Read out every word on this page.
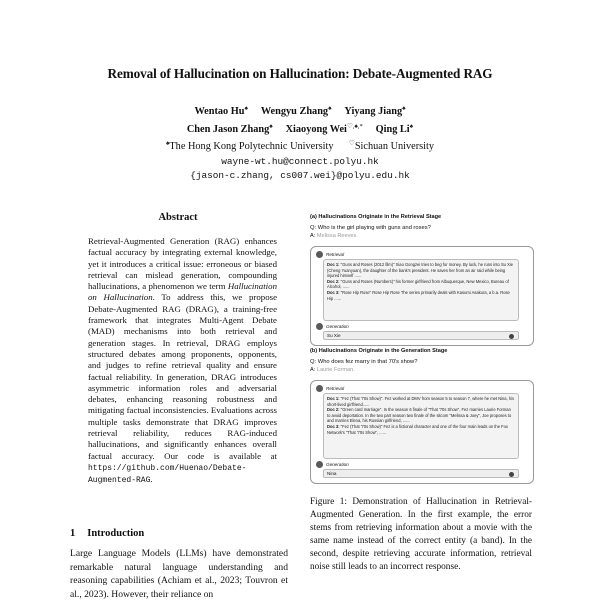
Removal of Hallucination on Hallucination: Debate-Augmented RAG
Wentao Hu♠ Wengyu Zhang♠ Yiyang Jiang♠
Chen Jason Zhang♠ Xiaoyong Wei♡,♠,* Qing Li♠
♠The Hong Kong Polytechnic University ♡Sichuan University
wayne-wt.hu@connect.polyu.hk
{jason-c.zhang, cs007.wei}@polyu.edu.hk
Abstract
Retrieval-Augmented Generation (RAG) enhances factual accuracy by integrating external knowledge, yet it introduces a critical issue: erroneous or biased retrieval can mislead generation, compounding hallucinations, a phenomenon we term Hallucination on Hallucination. To address this, we propose Debate-Augmented RAG (DRAG), a training-free framework that integrates Multi-Agent Debate (MAD) mechanisms into both retrieval and generation stages. In retrieval, DRAG employs structured debates among proponents, opponents, and judges to refine retrieval quality and ensure factual reliability. In generation, DRAG introduces asymmetric information roles and adversarial debates, enhancing reasoning robustness and mitigating factual inconsistencies. Evaluations across multiple tasks demonstrate that DRAG improves retrieval reliability, reduces RAG-induced hallucinations, and significantly enhances overall factual accuracy. Our code is available at https://github.com/Huenao/Debate-Augmented-RAG.
1 Introduction
Large Language Models (LLMs) have demonstrated remarkable natural language understanding and reasoning capabilities (Achiam et al., 2023; Touvron et al., 2023). However, their reliance on
(a) Hallucinations Originate in the Retrieval Stage
Q: Who is the girl playing with guns and roses?
A: Melissa Reeves.
Retrieval
Doc 1: "Guns and Roses (2012 film)" Xiao Gongzei tries to beg for money. By luck, he runs into Su Xie (Cheng Yuanyuan), the daughter of the bank's president. He saves her from an air raid while being injured himself ......
Doc 2: "Guns and Roses (Numbers)" his former girlfriend from Albuquerque, New Mexico, Bureau of Alcohol, ......
Doc 3: "Rose Hip Rose" Rose Hip Rose The series primarily deals with Kasumi Asakura, a b.a. Rose Hip ......
Generation
Su Xie
(b) Hallucinations Originate in the Generation Stage
Q: Who does fez marry in that 70's show?
A: Laurie Forman.
Retrieval
Doc 1: "Fez (That '70s Show)". Fez worked at DMV from season 5 to season 7, where he met Nina, his short-lived girlfriend......
Doc 2: "Green card marriage". In the season 6 finale of "That '70s Show", Fez marries Laurie Forman to avoid deportation. In the two part season two finale of the sitcom "Melissa & Joey", Joe proposes to and marries Elena, his Russian girlfriend, ......
Doc 3: "Fez (That '70s Show)" Fez is a fictional character and one of the four main leads on the Fox Network's "That '70s Show", ......
Generation
Nina
Figure 1: Demonstration of Hallucination in Retrieval-Augmented Generation. In the first example, the error stems from retrieving information about a movie with the same name instead of the correct entity (a band). In the second, despite retrieving accurate information, retrieval noise still leads to an incorrect response.
